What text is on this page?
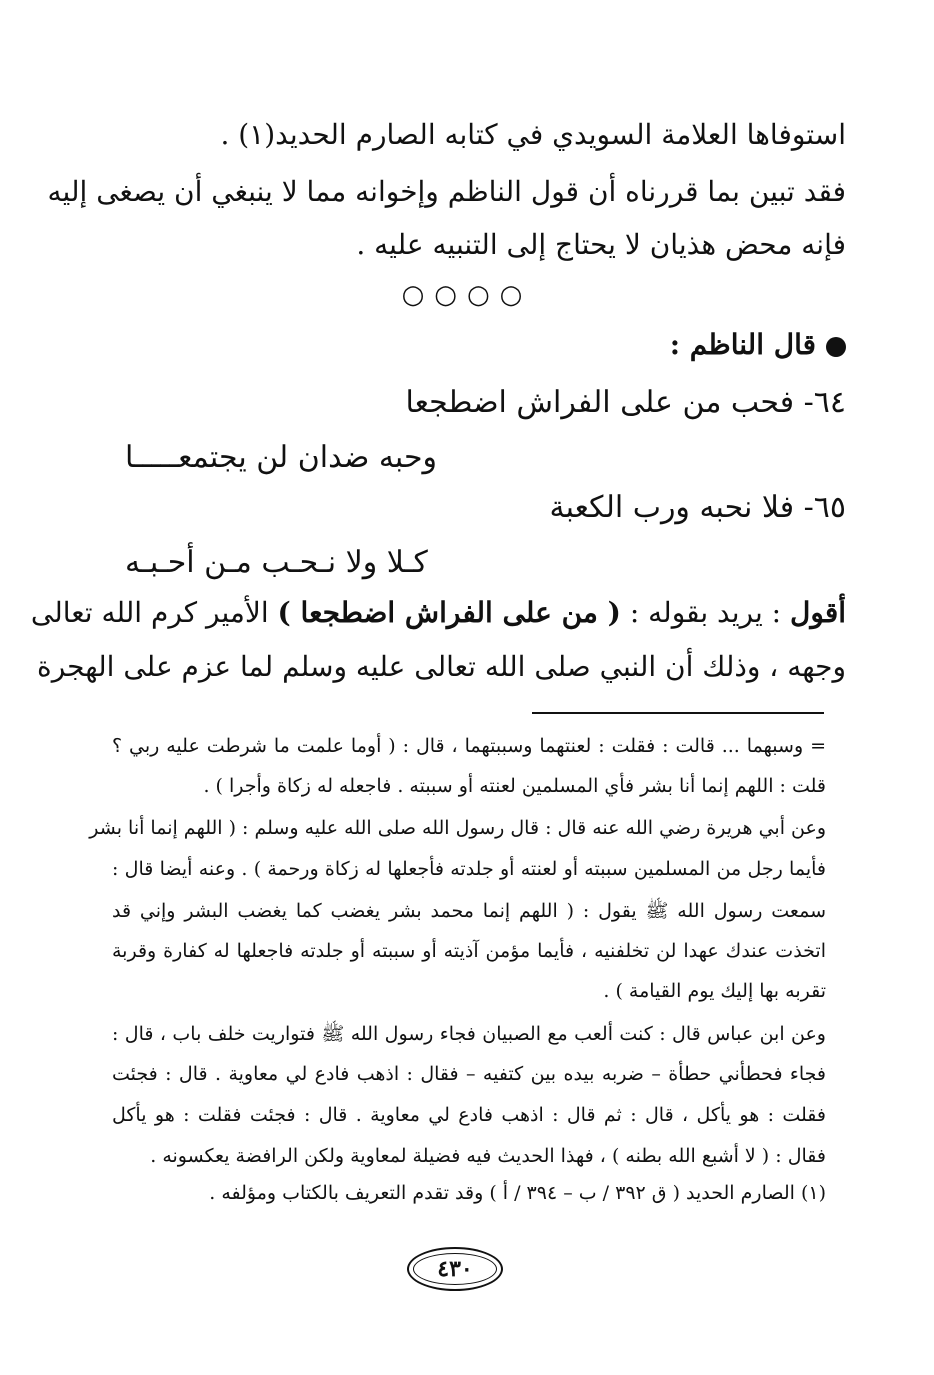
استوفاها العلامة السويدي في كتابه الصارم الحديد(١) .
فقد تبين بما قررناه أن قول الناظم وإخوانه مما لا ينبغي أن يصغى إليه
فإنه محض هذيان لا يحتاج إلى التنبيه عليه .
○○○○
قال الناظم :
٦٤- فحب من على الفراش اضطجعا
وحبه ضدان لن يجتمعـــــا
٦٥- فلا نحبه ورب الكعبة
كـلا ولا نـحـب مـن أحـبـه
أقول : يريد بقوله : ( من على الفراش اضطجعا ) الأمير كرم الله تعالى
وجهه ، وذلك أن النبي صلى الله تعالى عليه وسلم لما عزم على الهجرة
= وسبهما ... قالت : فقلت : لعنتهما وسببتهما ، قال : ( أوما علمت ما شرطت عليه ربي ؟
قلت : اللهم إنما أنا بشر فأي المسلمين لعنته أو سببته . فاجعله له زكاة وأجرا ) .
وعن أبي هريرة رضي الله عنه قال : قال رسول الله صلى الله عليه وسلم : ( اللهم إنما أنا بشر
فأيما رجل من المسلمين سببته أو لعنته أو جلدته فأجعلها له زكاة ورحمة ) . وعنه أيضا قال :
سمعت رسول الله ﷺ يقول : ( اللهم إنما محمد بشر يغضب كما يغضب البشر وإني قد
اتخذت عندك عهدا لن تخلفنيه ، فأيما مؤمن آذيته أو سببته أو جلدته فاجعلها له كفارة وقربة
تقربه بها إليك يوم القيامة ) .
وعن ابن عباس قال : كنت ألعب مع الصبيان فجاء رسول الله ﷺ فتواريت خلف باب ، قال :
فجاء فحطأني حطأة – ضربه بيده بين كتفيه – فقال : اذهب فادع لي معاوية . قال : فجئت
فقلت : هو يأكل ، قال : ثم قال : اذهب فادع لي معاوية . قال : فجئت فقلت : هو يأكل
فقال : ( لا أشبع الله بطنه ) ، فهذا الحديث فيه فضيلة لمعاوية ولكن الرافضة يعكسونه .
(١) الصارم الحديد ( ق ٣٩٢ / ب – ٣٩٤ / أ ) وقد تقدم التعريف بالكتاب ومؤلفه .
٤٣٠
